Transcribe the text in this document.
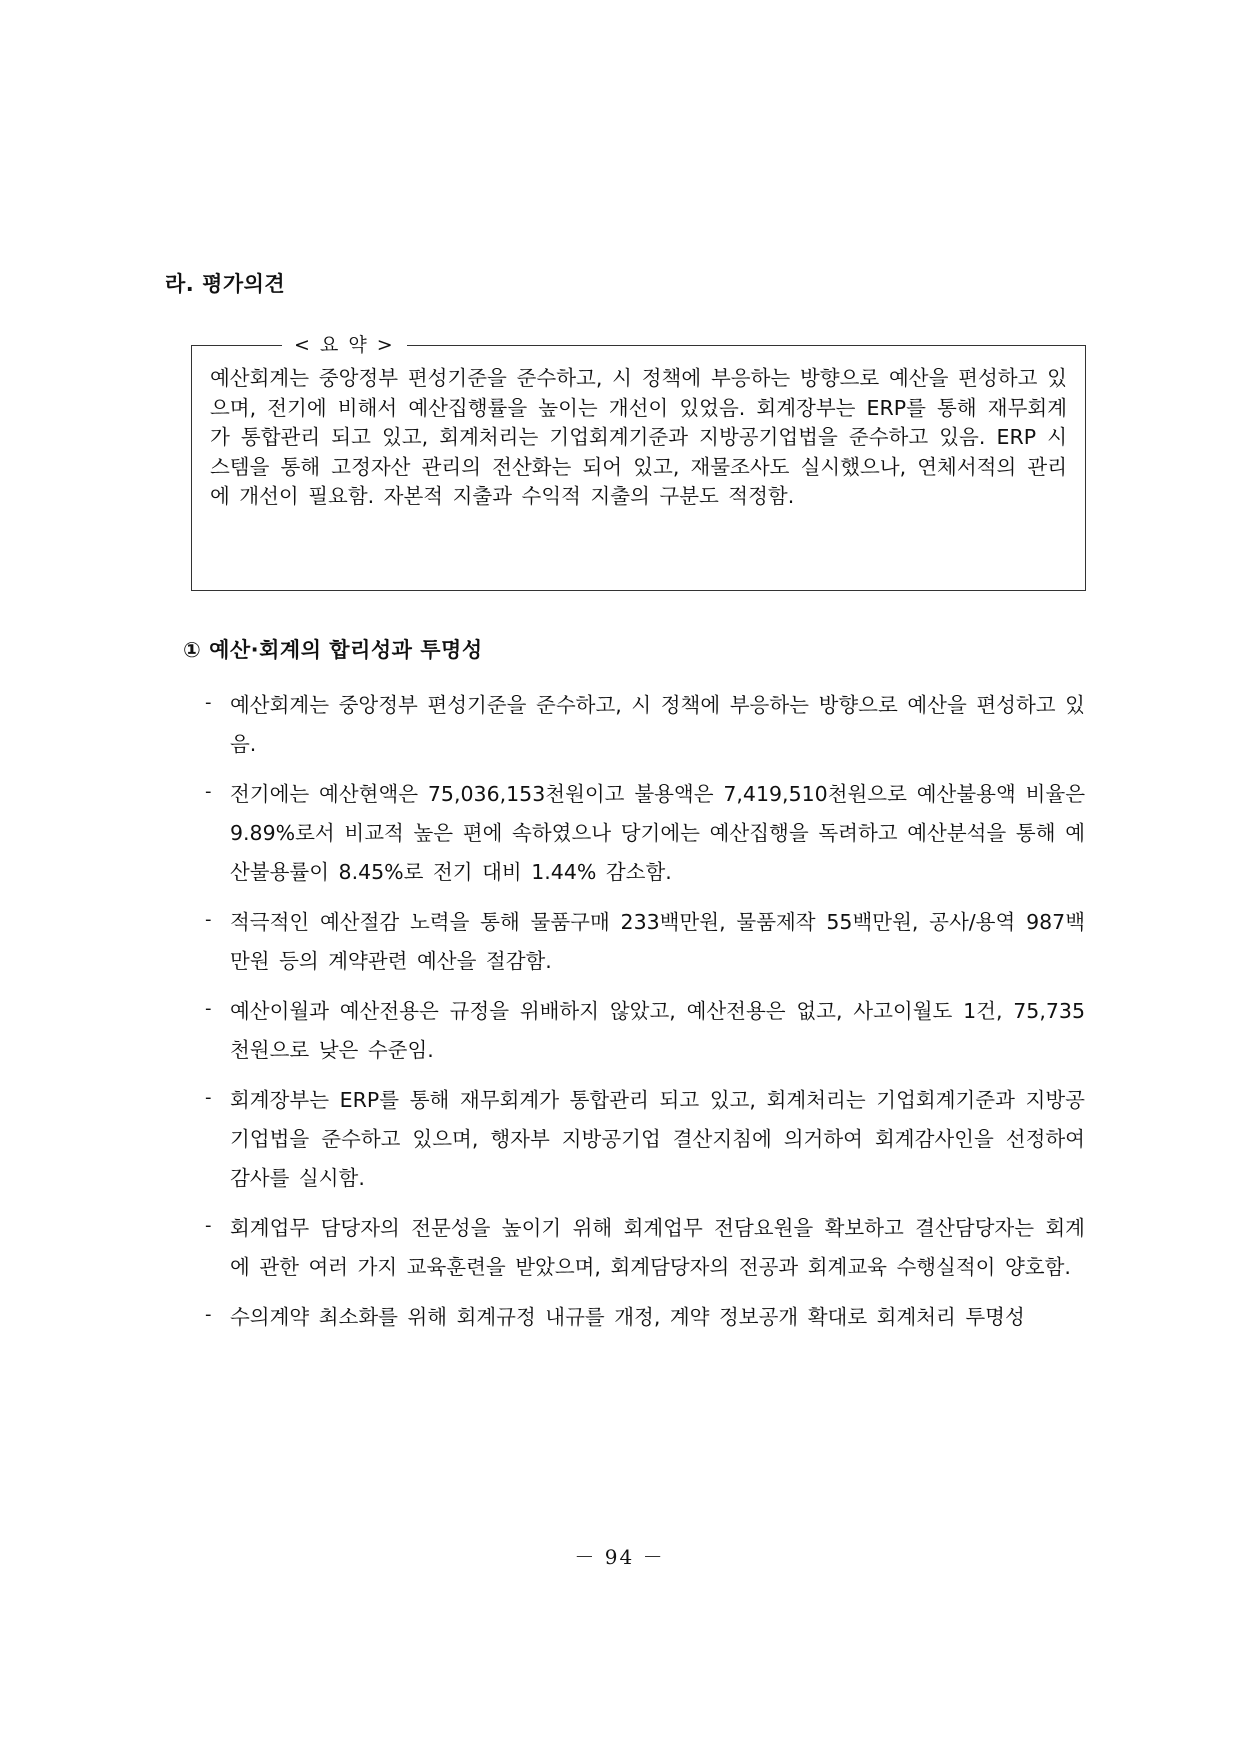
라. 평가의견
< 요 약 >

예산회계는 중앙정부 편성기준을 준수하고, 시 정책에 부응하는 방향으로 예산을 편성하고 있으며, 전기에 비해서 예산집행률을 높이는 개선이 있었음. 회계장부는 ERP를 통해 재무회계가 통합관리 되고 있고, 회계처리는 기업회계기준과 지방공기업법을 준수하고 있음. ERP 시스템을 통해 고정자산 관리의 전산화는 되어 있고, 재물조사도 실시했으나, 연체서적의 관리에 개선이 필요함. 자본적 지출과 수익적 지출의 구분도 적정함.

① 예산·회계의 합리성과 투명성
- 예산회계는 중앙정부 편성기준을 준수하고, 시 정책에 부응하는 방향으로 예산을 편성하고 있음.
- 전기에는 예산현액은 75,036,153천원이고 불용액은 7,419,510천원으로 예산불용액 비율은 9.89%로서 비교적 높은 편에 속하였으나 당기에는 예산집행을 독려하고 예산분석을 통해 예산불용률이 8.45%로 전기 대비 1.44% 감소함.
- 적극적인 예산절감 노력을 통해 물품구매 233백만원, 물품제작 55백만원, 공사/용역 987백만원 등의 계약관련 예산을 절감함.
- 예산이월과 예산전용은 규정을 위배하지 않았고, 예산전용은 없고, 사고이월도 1건, 75,735천원으로 낮은 수준임.
- 회계장부는 ERP를 통해 재무회계가 통합관리 되고 있고, 회계처리는 기업회계기준과 지방공기업법을 준수하고 있으며, 행자부 지방공기업 결산지침에 의거하여 회계감사인을 선정하여 감사를 실시함.
- 회계업무 담당자의 전문성을 높이기 위해 회계업무 전담요원을 확보하고 결산담당자는 회계에 관한 여러 가지 교육훈련을 받았으며, 회계담당자의 전공과 회계교육 수행실적이 양호함.
- 수의계약 최소화를 위해 회계규정 내규를 개정, 계약 정보공개 확대로 회계처리 투명성

－ 94 －
